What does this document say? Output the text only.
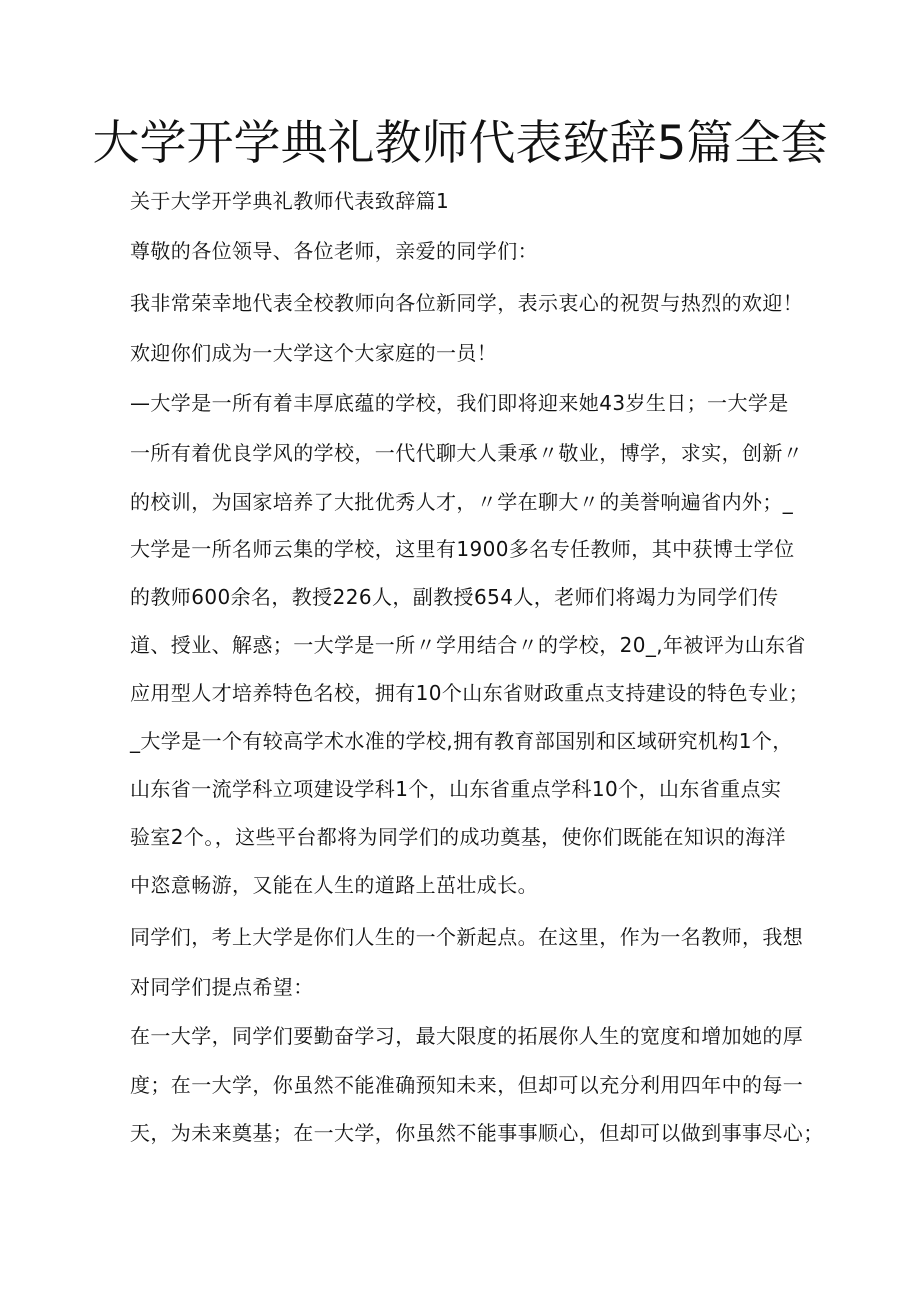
大学开学典礼教师代表致辞5篇全套

关于大学开学典礼教师代表致辞篇1

尊敬的各位领导、各位老师，亲爱的同学们：

我非常荣幸地代表全校教师向各位新同学，表示衷心的祝贺与热烈的欢迎！

欢迎你们成为一大学这个大家庭的一员！

—大学是一所有着丰厚底蕴的学校，我们即将迎来她43岁生日；一大学是

一所有着优良学风的学校，一代代聊大人秉承〃敬业，博学，求实，创新〃

的校训，为国家培养了大批优秀人才，〃学在聊大〃的美誉响遍省内外；_

大学是一所名师云集的学校，这里有1900多名专任教师，其中获博士学位

的教师600余名，教授226人，副教授654人，老师们将竭力为同学们传

道、授业、解惑；一大学是一所〃学用结合〃的学校，20_,年被评为山东省

应用型人才培养特色名校，拥有10个山东省财政重点支持建设的特色专业；

_大学是一个有较高学术水准的学校,拥有教育部国别和区域研究机构1个，

山东省一流学科立项建设学科1个，山东省重点学科10个，山东省重点实

验室2个。，这些平台都将为同学们的成功奠基，使你们既能在知识的海洋

中恣意畅游，又能在人生的道路上茁壮成长。

同学们，考上大学是你们人生的一个新起点。在这里，作为一名教师，我想

对同学们提点希望：

在一大学，同学们要勤奋学习，最大限度的拓展你人生的宽度和增加她的厚

度；在一大学，你虽然不能准确预知未来，但却可以充分利用四年中的每一

天，为未来奠基；在一大学，你虽然不能事事顺心，但却可以做到事事尽心；
